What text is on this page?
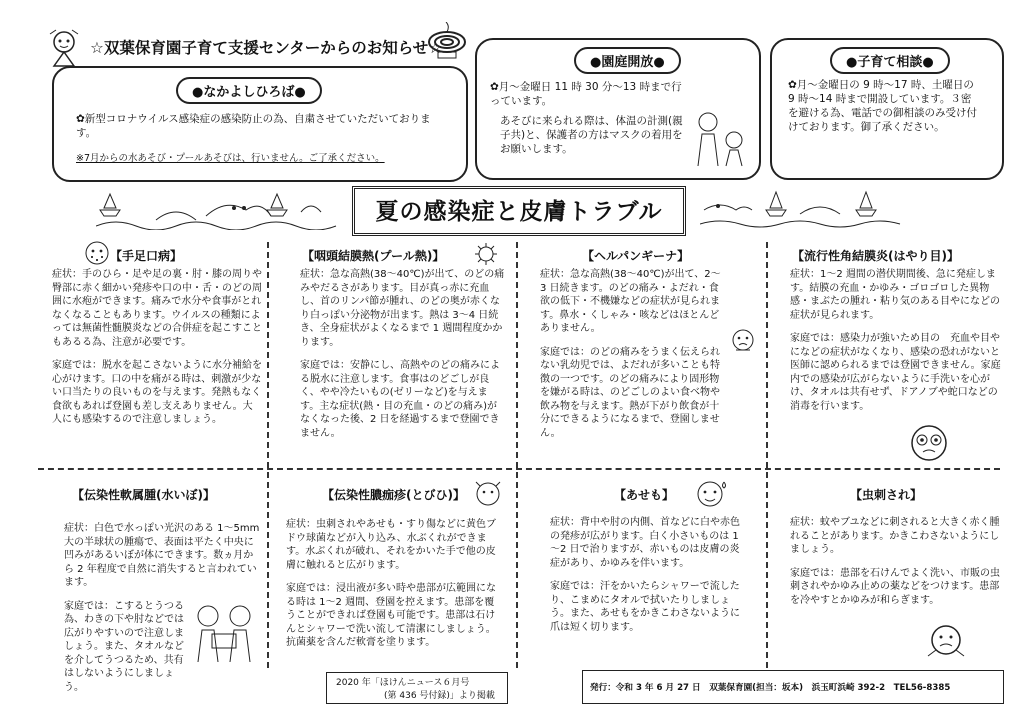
☆双葉保育園子育て支援センターからのお知らせ☆
●なかよしひろば●
✿新型コロナウイルス感染症の感染防止の為、自粛させていただいております。
※7月からの水あそび・プールあそびは、行いません。ご了承ください。
●園庭開放●
✿月～金曜日 11 時 30 分～13 時まで行っています。
あそびに来られる際は、体温の計測(親子共)と、保護者の方はマスクの着用をお願いします。
●子育て相談●
✿月～金曜日の 9 時～17 時、土曜日の 9 時～14 時まで開設しています。３密を避ける為、電話での御相談のみ受け付けております。御了承ください。
夏の感染症と皮膚トラブル
【手足口病】

症状：手のひら・足や足の裏・肘・膝の周りや臀部に赤く細かい発疹や口の中・舌・のどの周囲に水疱ができます。痛みで水分や食事がとれなくなることもあります。ウイルスの種類によっては無菌性髄膜炎などの合併症を起こすこともあるる為、注意が必要です。

家庭では：脱水を起こさないように水分補給を心がけます。口の中を痛がる時は、刺激が少ない口当たりの良いものを与えます。発熱もなく食欲もあれば登園も差し支えありません。大人にも感染するので注意しましょう。

【咽頭結膜熱(プール熱)】

症状：急な高熱(38～40℃)が出て、のどの痛みやだるさがあります。目が真っ赤に充血し、首のリンパ節が腫れ、のどの奥が赤くなり白っぽい分泌物が出ます。熱は 3～4 日続き、全身症状がよくなるまで 1 週間程度かかります。

家庭では：安静にし、高熱やのどの痛みによる脱水に注意します。食事はのどごしが良く、やや冷たいもの(ゼリーなど)を与えます。主な症状(熱・目の充血・のどの痛み)がなくなった後、2 日を経過するまで登園できません。

【ヘルパンギーナ】

症状：急な高熱(38～40℃)が出て、2～3 日続きます。のどの痛み・よだれ・食欲の低下・不機嫌などの症状が見られます。鼻水・くしゃみ・咳などはほとんどありません。

家庭では：のどの痛みをうまく伝えられない乳幼児では、よだれが多いことも特徴の一つです。のどの痛みにより固形物を嫌がる時は、のどごしのよい食べ物や飲み物を与えます。熱が下がり飲食が十分にできるようになるまで、登園しません。

【流行性角結膜炎(はやり目)】

症状：1～2 週間の潜伏期間後、急に発症します。結膜の充血・かゆみ・ゴロゴロした異物感・まぶたの腫れ・粘り気のある目やになどの　症状が見られます。

家庭では：感染力が強いため目の　充血や目やになどの症状がなくなり、感染の恐れがないと医師に認められるまでは登園できません。家庭内での感染が広がらないように手洗いを心がけ、タオルは共有せず、ドアノブや蛇口などの消毒を行います。

【伝染性軟属腫(水いぼ)】

症状：白色で水っぽい光沢のある 1～5mm大の半球状の腫瘍で、表面は平たく中央に凹みがあるいぼが体にできます。数ヵ月から 2 年程度で自然に消失すると言われています。

家庭では：こするとうつる為、わきの下や肘などでは広がりやすいので注意しましょう。また、タオルなどを介してうつるため、共有はしないようにしましょう。

【伝染性膿痂疹(とびひ)】

症状：虫刺されやあせも・すり傷などに黄色ブドウ球菌などが入り込み、水ぶくれができます。水ぶくれが破れ、それをかいた手で他の皮膚に触れると広がります。

家庭では：浸出液が多い時や患部が広範囲になる時は 1～2 週間、登園を控えます。患部を覆うことができれば登園も可能です。患部は石けんとシャワーで洗い流して清潔にしましょう。抗菌薬を含んだ軟膏を塗ります。

【あせも】

症状：背中や肘の内側、首などに白や赤色の発疹が広がります。白く小さいものは 1～2 日で治りますが、赤いものは皮膚の炎症があり、かゆみを伴います。

家庭では：汗をかいたらシャワーで流したり、こまめにタオルで拭いたりしましょう。また、あせもをかきこわさないように爪は短く切ります。

【虫刺され】

症状：蚊やブユなどに刺されると大きく赤く腫れることがあります。かきこわさないようにしましょう。

家庭では：患部を石けんでよく洗い、市販の虫刺されやかゆみ止めの薬などをつけます。患部を冷やすとかゆみが和らぎます。

2020 年「ほけんニュース６月号
(第 436 号付録)」より掲載
発行：令和 3 年 6 月 27 日　双葉保育園(担当：坂本)　浜玉町浜崎 392-2　TEL56-8385
